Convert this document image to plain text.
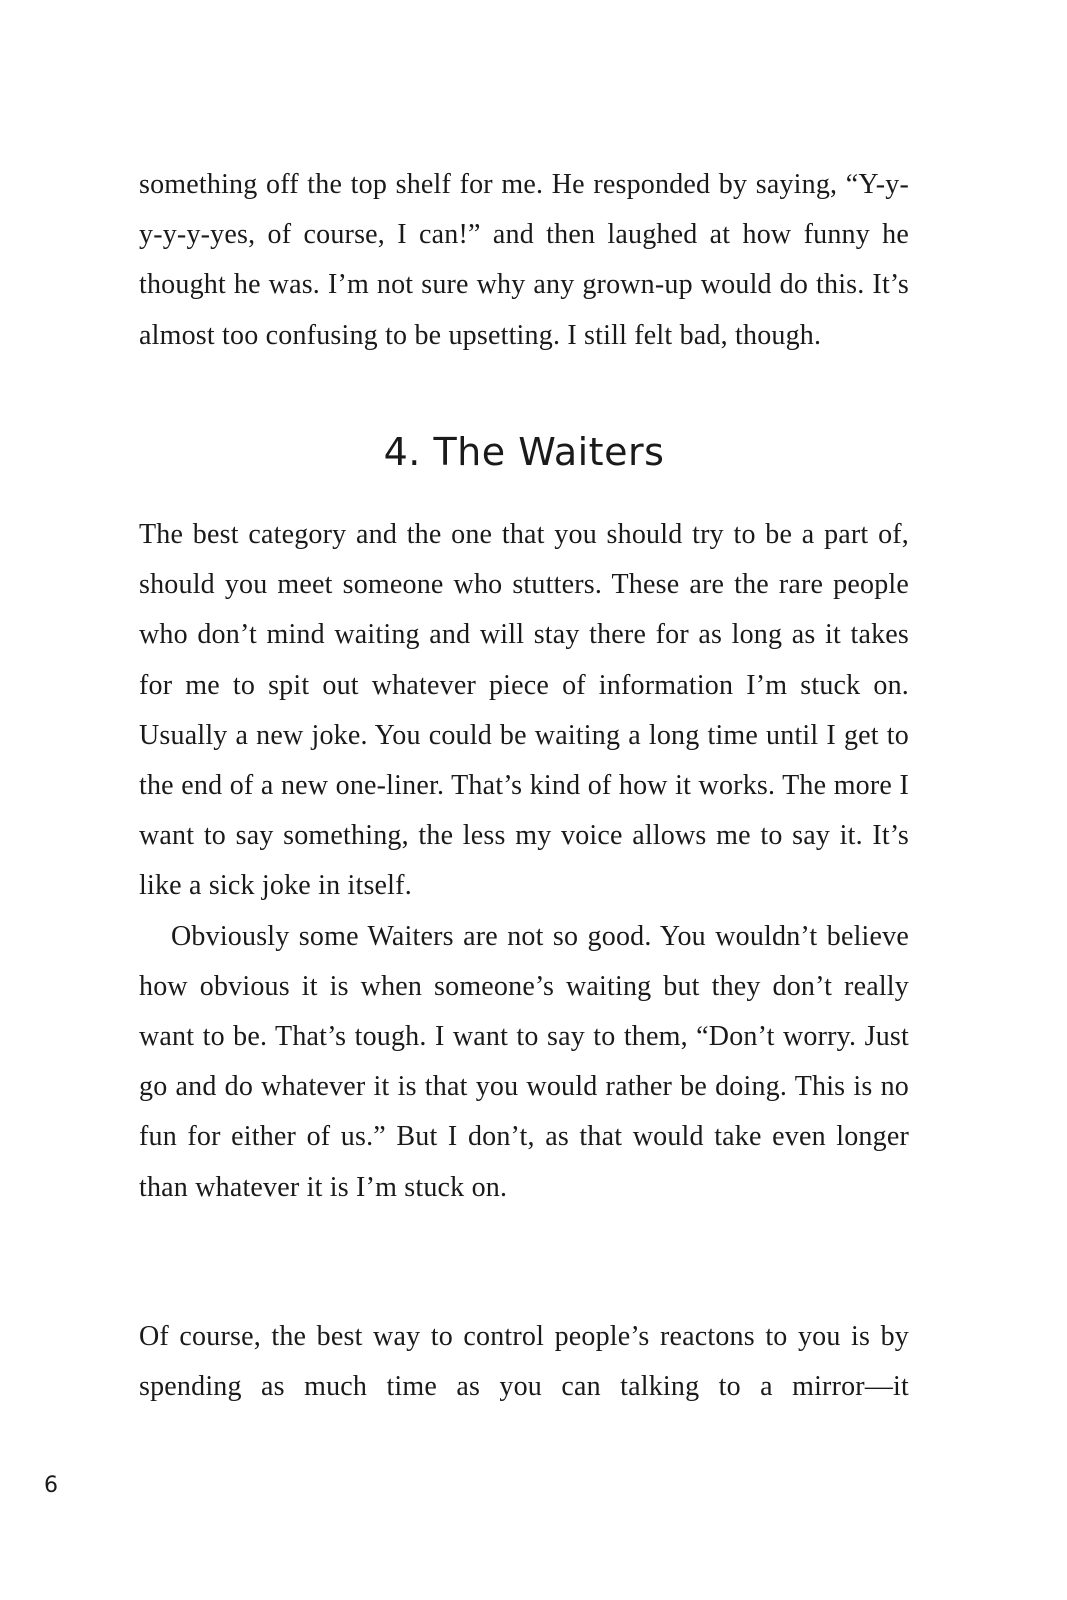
something off the top shelf for me. He responded by saying, “Y-y-y-y-y-yes, of course, I can!” and then laughed at how funny he thought he was. I’m not sure why any grown-up would do this. It’s almost too confusing to be upsetting. I still felt bad, though.

4. The Waiters

The best category and the one that you should try to be a part of, should you meet someone who stutters. These are the rare people who don’t mind waiting and will stay there for as long as it takes for me to spit out whatever piece of information I’m stuck on. Usually a new joke. You could be waiting a long time until I get to the end of a new one-liner. That’s kind of how it works. The more I want to say something, the less my voice allows me to say it. It’s like a sick joke in itself.

Obviously some Waiters are not so good. You wouldn’t believe how obvious it is when someone’s waiting but they don’t really want to be. That’s tough. I want to say to them, “Don’t worry. Just go and do whatever it is that you would rather be doing. This is no fun for either of us.” But I don’t, as that would take even longer than whatever it is I’m stuck on.

Of course, the best way to control people’s reactons to you is by spending as much time as you can talking to a mirror—it

6
